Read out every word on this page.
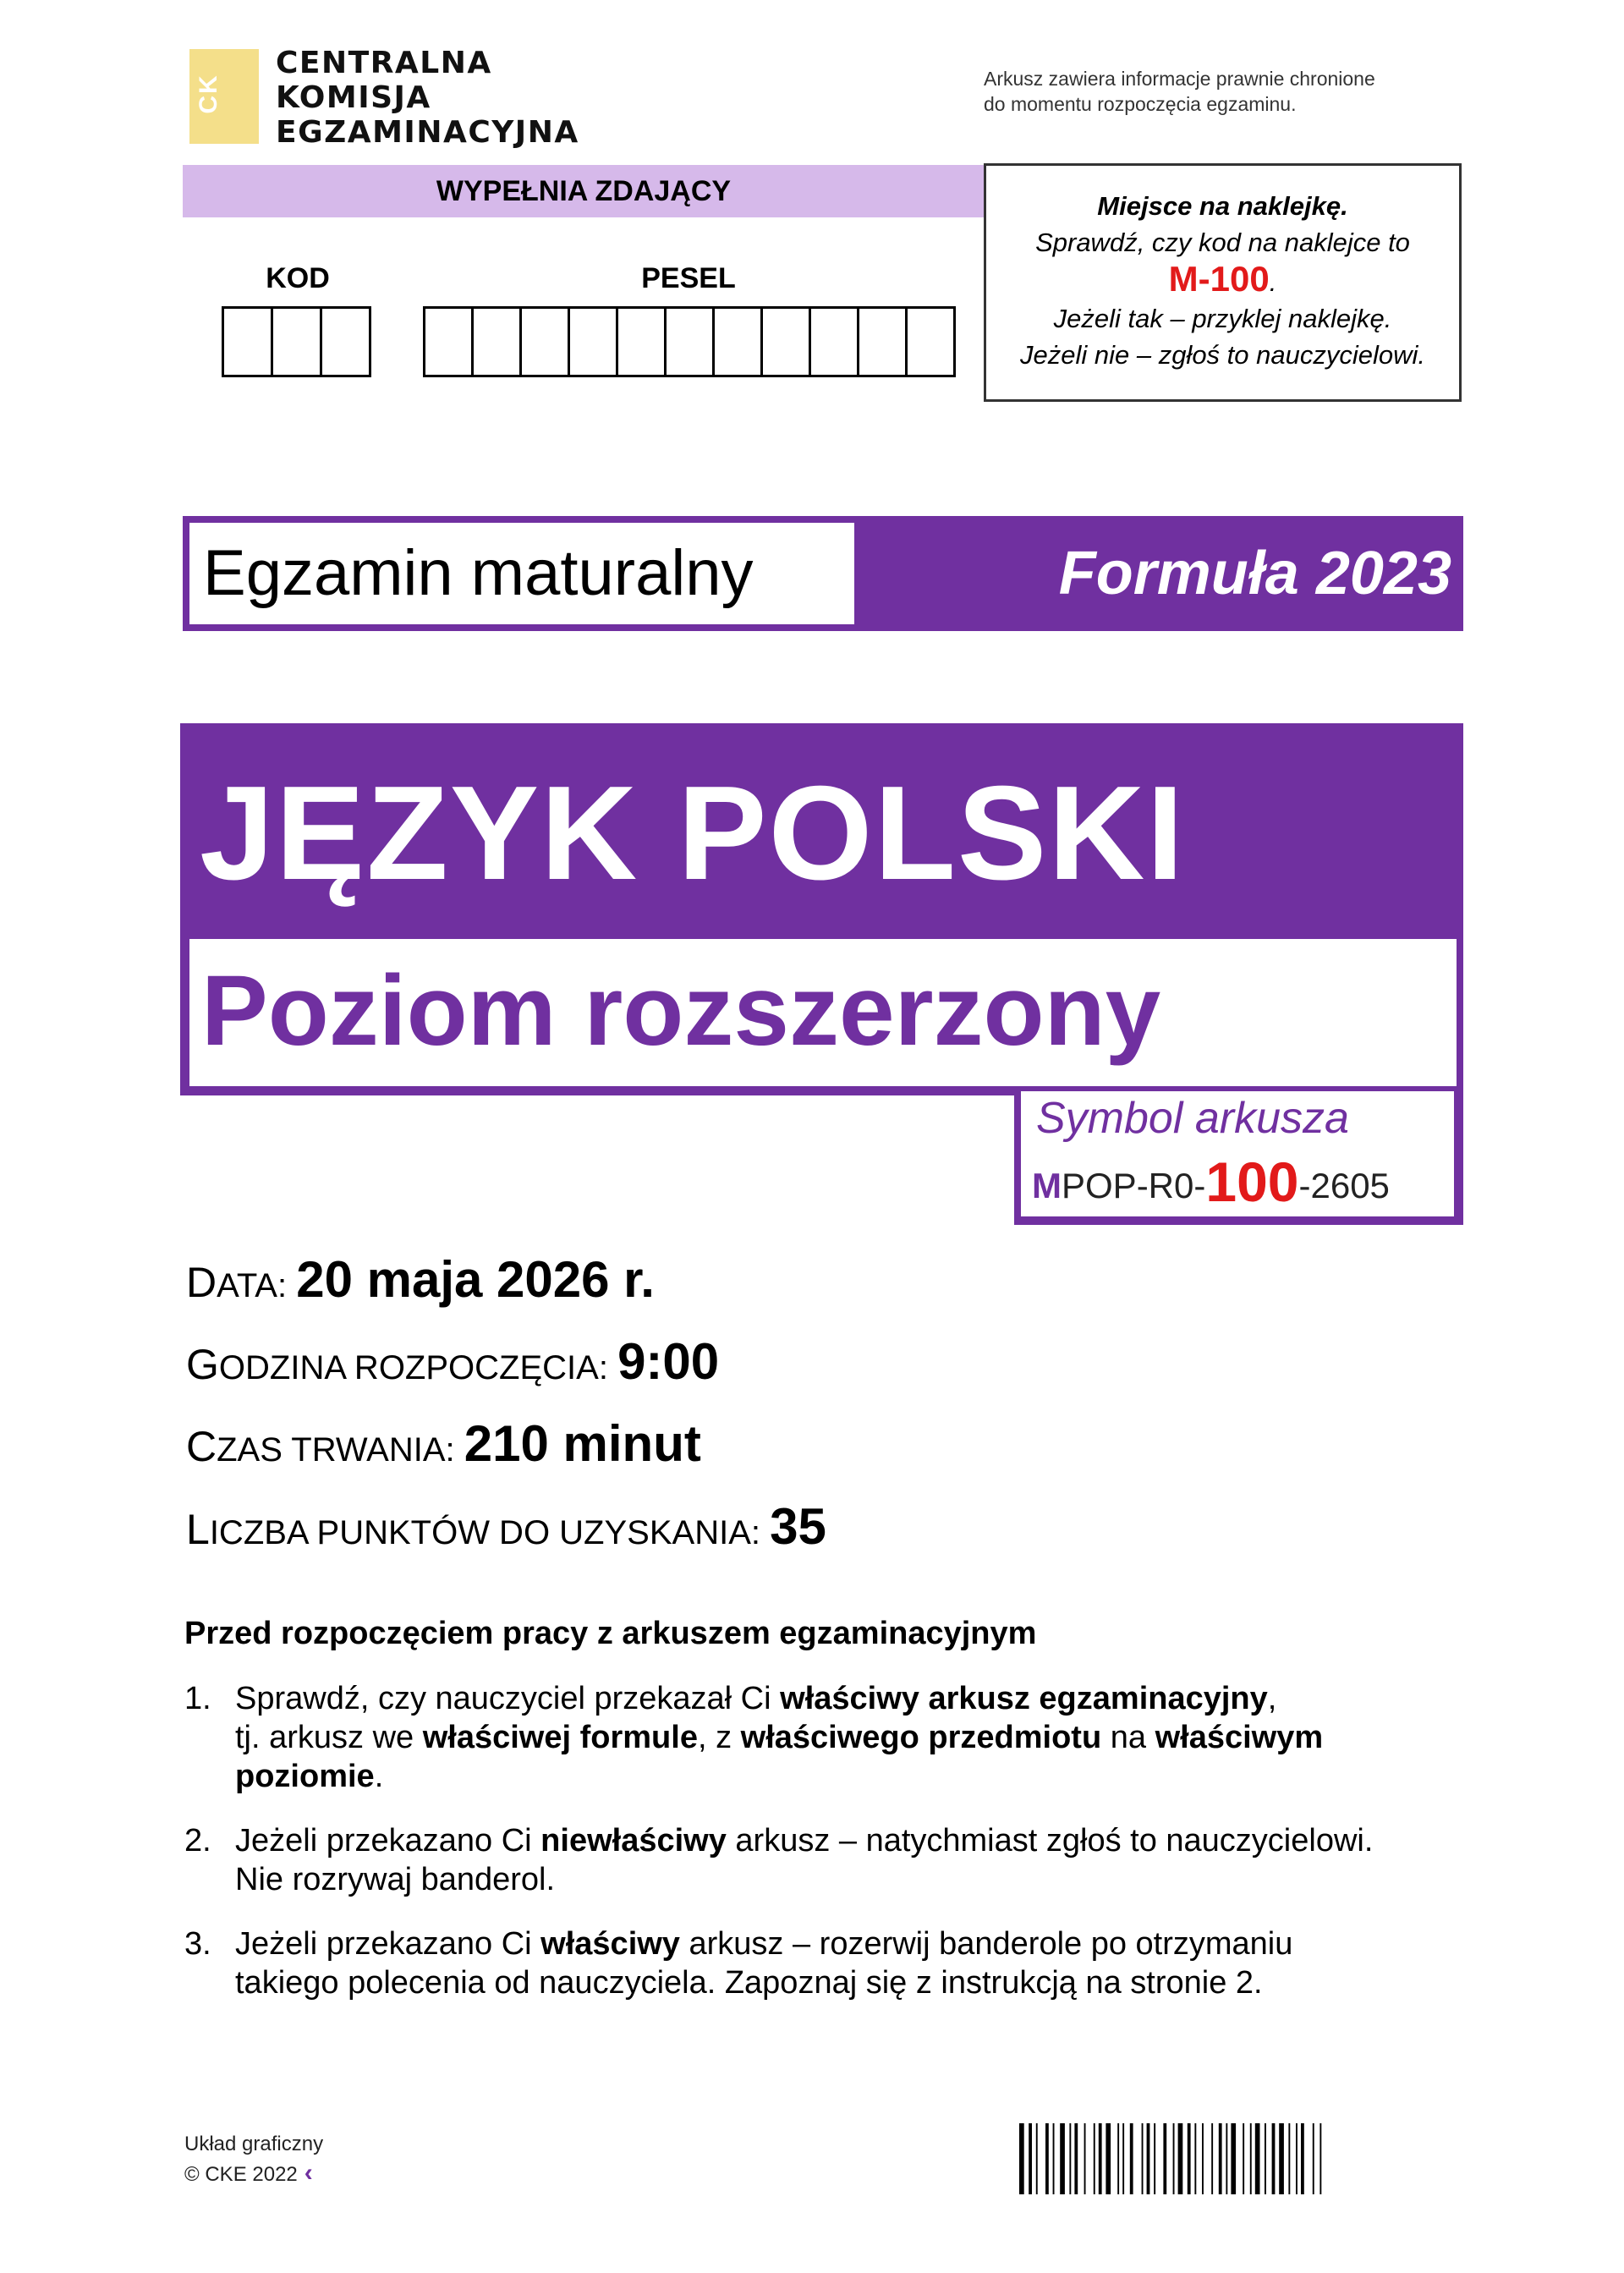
CK
CENTRALNA
KOMISJA
EGZAMINACYJNA
Arkusz zawiera informacje prawnie chronione
do momentu rozpoczęcia egzaminu.
WYPEŁNIA ZDAJĄCY
KOD	PESEL
Miejsce na naklejkę.
Sprawdź, czy kod na naklejce to
M-100.
Jeżeli tak – przyklej naklejkę.
Jeżeli nie – zgłoś to nauczycielowi.
Egzamin maturalny	Formuła 2023
JĘZYK POLSKI
Poziom rozszerzony
Symbol arkusza
MPOP-R0-100-2605
DATA: 20 maja 2026 r.
GODZINA ROZPOCZĘCIA: 9:00
CZAS TRWANIA: 210 minut
LICZBA PUNKTÓW DO UZYSKANIA: 35
Przed rozpoczęciem pracy z arkuszem egzaminacyjnym
1. Sprawdź, czy nauczyciel przekazał Ci właściwy arkusz egzaminacyjny,
tj. arkusz we właściwej formule, z właściwego przedmiotu na właściwym poziomie.
2. Jeżeli przekazano Ci niewłaściwy arkusz – natychmiast zgłoś to nauczycielowi.
Nie rozrywaj banderol.
3. Jeżeli przekazano Ci właściwy arkusz – rozerwij banderole po otrzymaniu
takiego polecenia od nauczyciela. Zapoznaj się z instrukcją na stronie 2.
Układ graficzny
© CKE 2022 ‹
